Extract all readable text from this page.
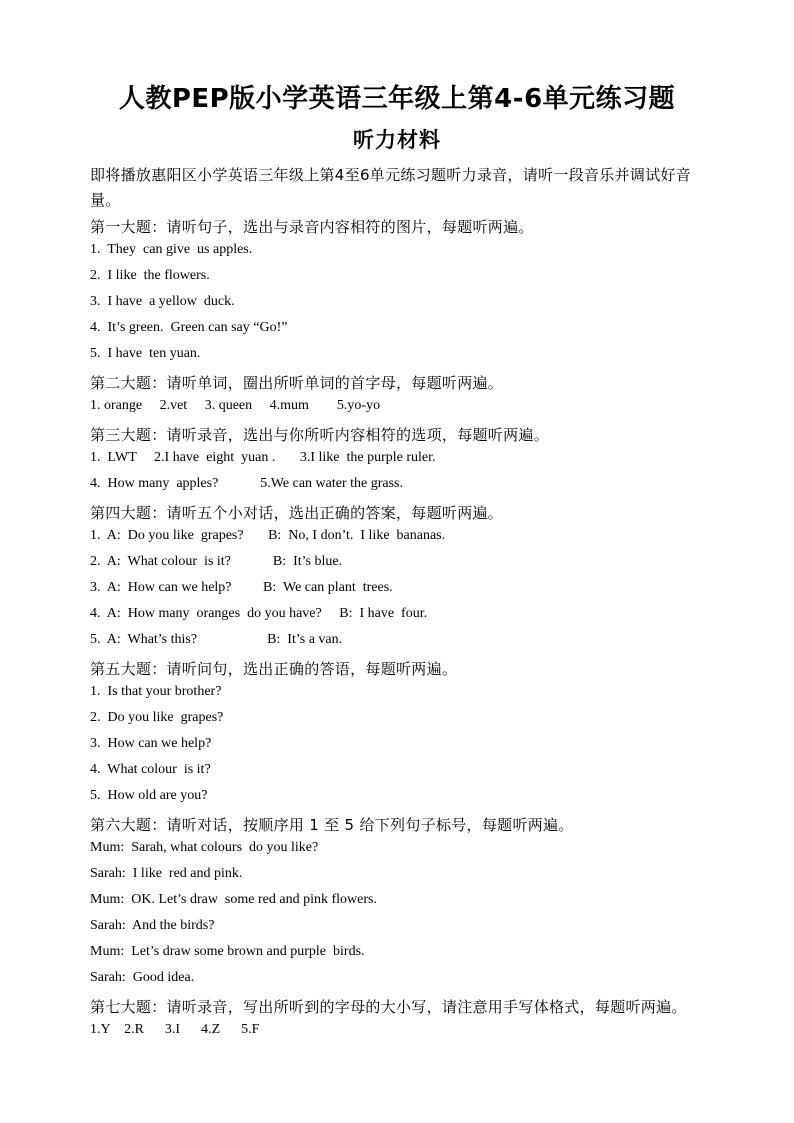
人教PEP版小学英语三年级上第4-6单元练习题
听力材料
即将播放惠阳区小学英语三年级上第4至6单元练习题听力录音，请听一段音乐并调试好音量。
第一大题：请听句子，选出与录音内容相符的图片，每题听两遍。
1.  They  can give  us apples.
2.  I like  the flowers.
3.  I have  a yellow  duck.
4.  It’s green.  Green can say “Go!”
5.  I have  ten yuan.
第二大题：请听单词，圈出所听单词的首字母，每题听两遍。
1. orange     2.vet     3. queen     4.mum        5.yo-yo
第三大题：请听录音，选出与你所听内容相符的选项，每题听两遍。
1.  LWT     2.I have  eight  yuan .       3.I like  the purple ruler.
4.  How many  apples?            5.We can water the grass.
第四大题：请听五个小对话，选出正确的答案，每题听两遍。
1.  A:  Do you like  grapes?       B:  No, I don’t.  I like  bananas.
2.  A:  What colour  is it?            B:  It’s blue.
3.  A:  How can we help?         B:  We can plant  trees.
4.  A:  How many  oranges  do you have?     B:  I have  four.
5.  A:  What’s this?                    B:  It’s a van.
第五大题：请听问句，选出正确的答语，每题听两遍。
1.  Is that your brother?
2.  Do you like  grapes?
3.  How can we help?
4.  What colour  is it?
5.  How old are you?
第六大题：请听对话，按顺序用 1 至 5 给下列句子标号，每题听两遍。
Mum:  Sarah, what colours  do you like?
Sarah:  I like  red and pink.
Mum:  OK. Let’s draw  some red and pink flowers.
Sarah:  And the birds?
Mum:  Let’s draw some brown and purple  birds.
Sarah:  Good idea.
第七大题：请听录音，写出所听到的字母的大小写，请注意用手写体格式，每题听两遍。
1.Y    2.R      3.I      4.Z      5.F
